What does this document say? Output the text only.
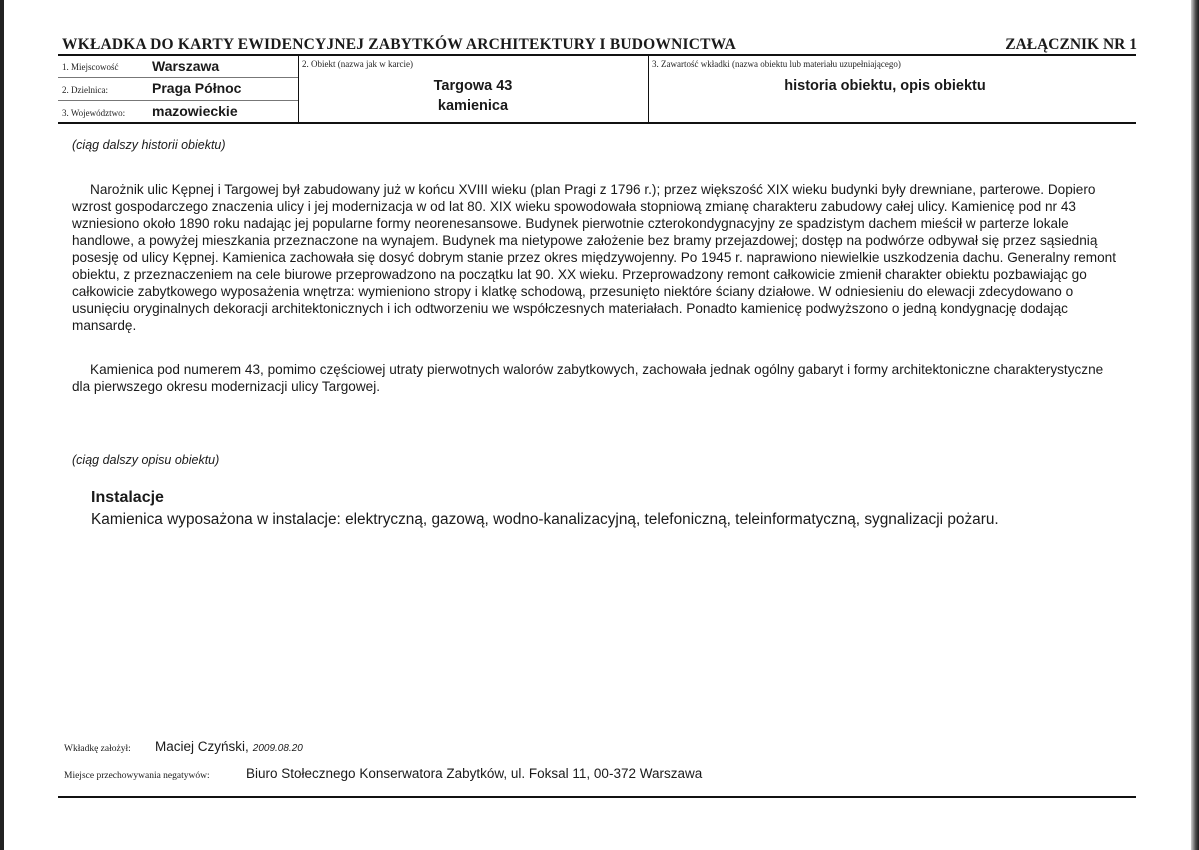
WKŁADKA DO KARTY EWIDENCYJNEJ ZABYTKÓW ARCHITEKTURY I BUDOWNICTWA	ZAŁĄCZNIK NR 1
1. Miejscowość Warszawa
2. Dzielnica:	Praga Północ
3. Województwo: mazowieckie
2. Obiekt (nazwa jak w karcie)
Targowa 43
kamienica
3. Zawartość wkładki (nazwa obiektu lub materiału uzupełniającego)
historia obiektu, opis obiektu
(ciąg dalszy historii obiektu)

Narożnik ulic Kępnej i Targowej był zabudowany już w końcu XVIII wieku (plan Pragi z 1796 r.); przez większość XIX wieku budynki były drewniane, parterowe. Dopiero wzrost gospodarczego znaczenia ulicy i jej modernizacja w od lat 80. XIX wieku spowodowała stopniową zmianę charakteru zabudowy całej ulicy. Kamienicę pod nr 43 wzniesiono około 1890 roku nadając jej popularne formy neorenesansowe. Budynek pierwotnie czterokondygnacyjny ze spadzistym dachem mieścił w parterze lokale handlowe, a powyżej mieszkania przeznaczone na wynajem. Budynek ma nietypowe założenie bez bramy przejazdowej; dostęp na podwórze odbywał się przez sąsiednią posesję od ulicy Kępnej. Kamienica zachowała się dosyć dobrym stanie przez okres międzywojenny. Po 1945 r. naprawiono niewielkie uszkodzenia dachu. Generalny remont obiektu, z przeznaczeniem na cele biurowe przeprowadzono na początku lat 90. XX wieku. Przeprowadzony remont całkowicie zmienił charakter obiektu pozbawiając go całkowicie zabytkowego wyposażenia wnętrza: wymieniono stropy i klatkę schodową, przesunięto niektóre ściany działowe. W odniesieniu do elewacji zdecydowano o usunięciu oryginalnych dekoracji architektonicznych i ich odtworzeniu we współczesnych materiałach. Ponadto kamienicę podwyższono o jedną kondygnację dodając mansardę.

Kamienica pod numerem 43, pomimo częściowej utraty pierwotnych walorów zabytkowych, zachowała jednak ogólny gabaryt i formy architektoniczne charakterystyczne dla pierwszego okresu modernizacji ulicy Targowej.

(ciąg dalszy opisu obiektu)
Instalacje
Kamienica wyposażona w instalacje: elektryczną, gazową, wodno-kanalizacyjną, telefoniczną, teleinformatyczną, sygnalizacji pożaru.
Wkładkę założył: Maciej Czyński, 2009.08.20
Miejsce przechowywania negatywów:	Biuro Stołecznego Konserwatora Zabytków, ul. Foksal 11, 00-372 Warszawa
